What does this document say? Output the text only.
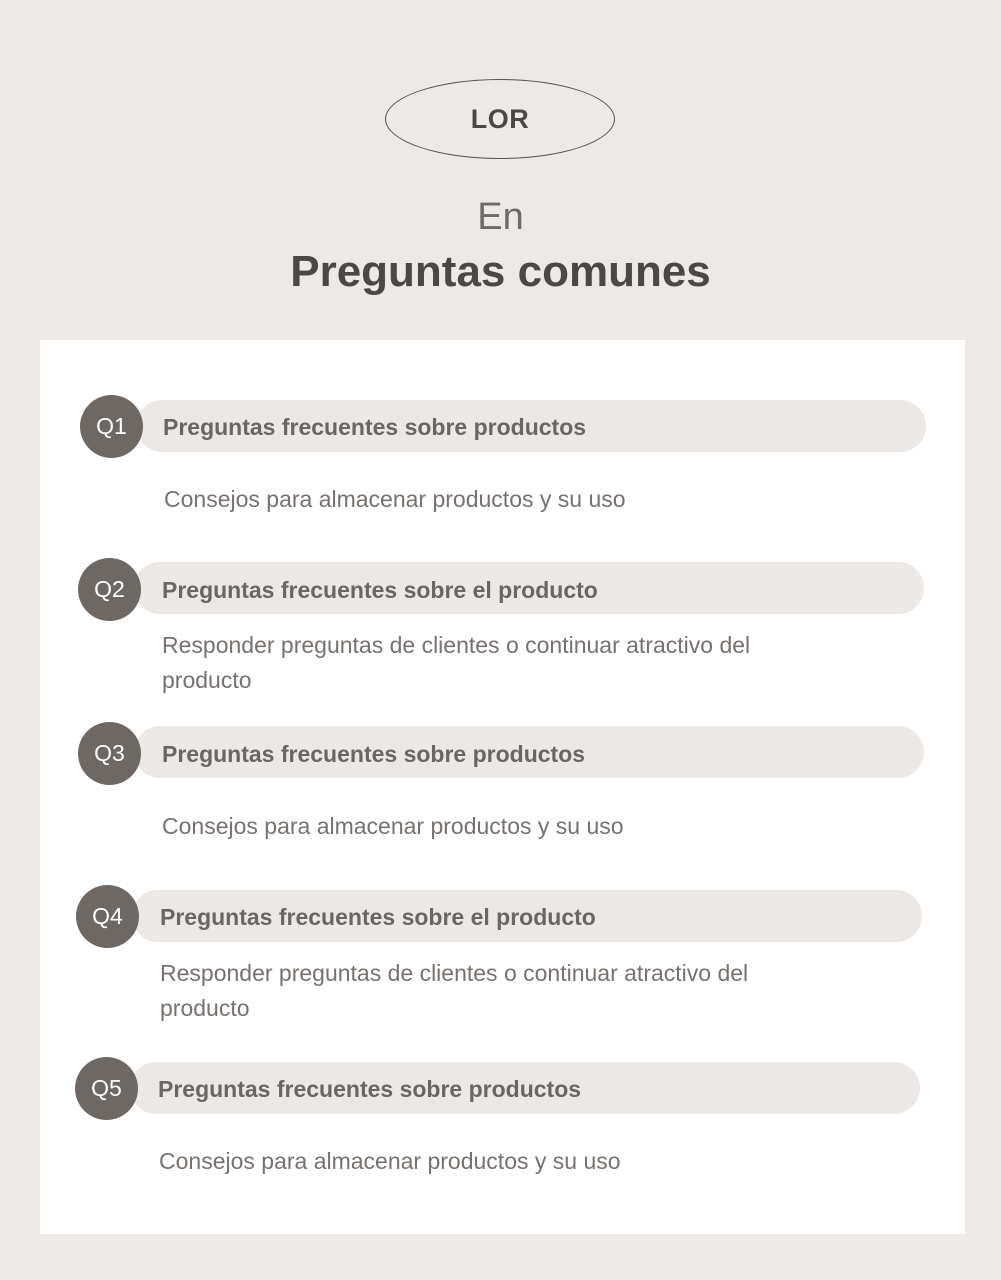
LOR
En
Preguntas comunes
Q1 Preguntas frecuentes sobre productos
Consejos para almacenar productos y su uso
Q2 Preguntas frecuentes sobre el producto
Responder preguntas de clientes o continuar atractivo del producto
Q3 Preguntas frecuentes sobre productos
Consejos para almacenar productos y su uso
Q4 Preguntas frecuentes sobre el producto
Responder preguntas de clientes o continuar atractivo del producto
Q5 Preguntas frecuentes sobre productos
Consejos para almacenar productos y su uso
